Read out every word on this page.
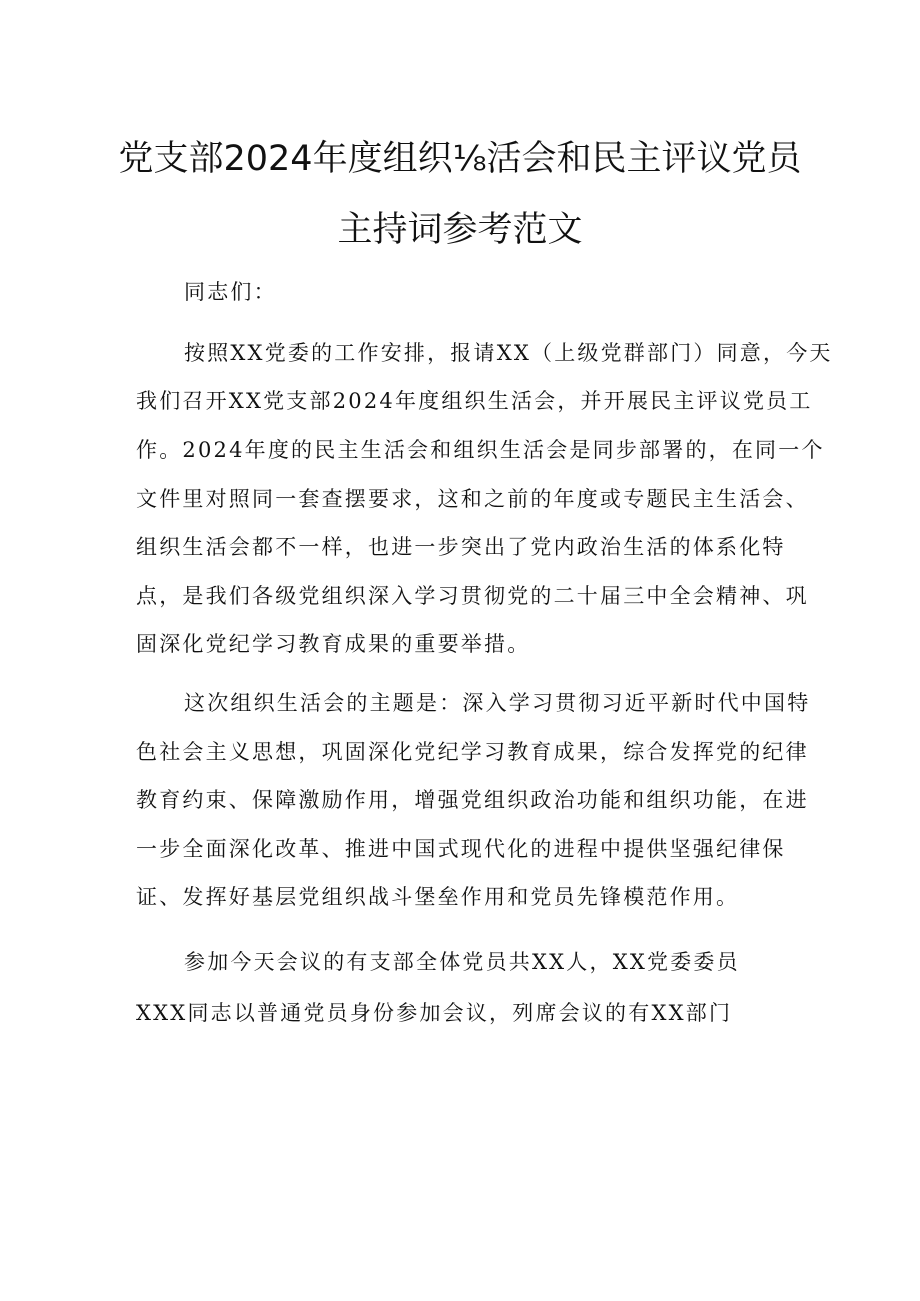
党支部2024年度组织⅛活会和民主评议党员
主持词参考范文
同志们：
按照XX党委的工作安排，报请XX（上级党群部门）同意，今天
我们召开XX党支部2024年度组织生活会，并开展民主评议党员工
作。2024年度的民主生活会和组织生活会是同步部署的，在同一个
文件里对照同一套查摆要求，这和之前的年度或专题民主生活会、
组织生活会都不一样，也进一步突出了党内政治生活的体系化特
点，是我们各级党组织深入学习贯彻党的二十届三中全会精神、巩
固深化党纪学习教育成果的重要举措。
这次组织生活会的主题是：深入学习贯彻习近平新时代中国特
色社会主义思想，巩固深化党纪学习教育成果，综合发挥党的纪律
教育约束、保障激励作用，增强党组织政治功能和组织功能，在进
一步全面深化改革、推进中国式现代化的进程中提供坚强纪律保
证、发挥好基层党组织战斗堡垒作用和党员先锋模范作用。
参加今天会议的有支部全体党员共XX人，XX党委委员
XXX同志以普通党员身份参加会议，列席会议的有XX部门
